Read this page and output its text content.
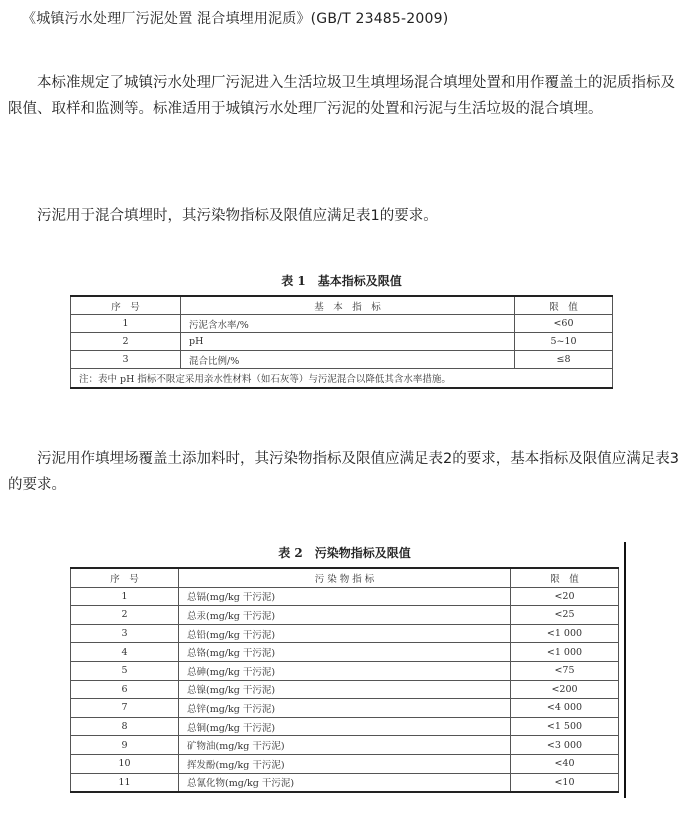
《城镇污水处理厂污泥处置 混合填埋用泥质》(GB/T 23485-2009)

本标准规定了城镇污水处理厂污泥进入生活垃圾卫生填埋场混合填埋处置和用作覆盖土的泥质指标及限值、取样和监测等。标准适用于城镇污水处理厂污泥的处置和污泥与生活垃圾的混合填埋。

污泥用于混合填埋时，其污染物指标及限值应满足表1的要求。

表 1　基本指标及限值
序　号	基　本　指　标	限　值
1	污泥含水率/%	<60
2	pH	5~10
3	混合比例/%	≤8
注：表中 pH 指标不限定采用亲水性材料（如石灰等）与污泥混合以降低其含水率措施。		

污泥用作填埋场覆盖土添加料时，其污染物指标及限值应满足表2的要求，基本指标及限值应满足表3的要求。

表 2　污染物指标及限值
序　号	污 染 物 指 标	限　值
1	总镉(mg/kg 干污泥)	<20
2	总汞(mg/kg 干污泥)	<25
3	总铅(mg/kg 干污泥)	<1 000
4	总铬(mg/kg 干污泥)	<1 000
5	总砷(mg/kg 干污泥)	<75
6	总镍(mg/kg 干污泥)	<200
7	总锌(mg/kg 干污泥)	<4 000
8	总铜(mg/kg 干污泥)	<1 500
9	矿物油(mg/kg 干污泥)	<3 000
10	挥发酚(mg/kg 干污泥)	<40
11	总氰化物(mg/kg 干污泥)	<10
